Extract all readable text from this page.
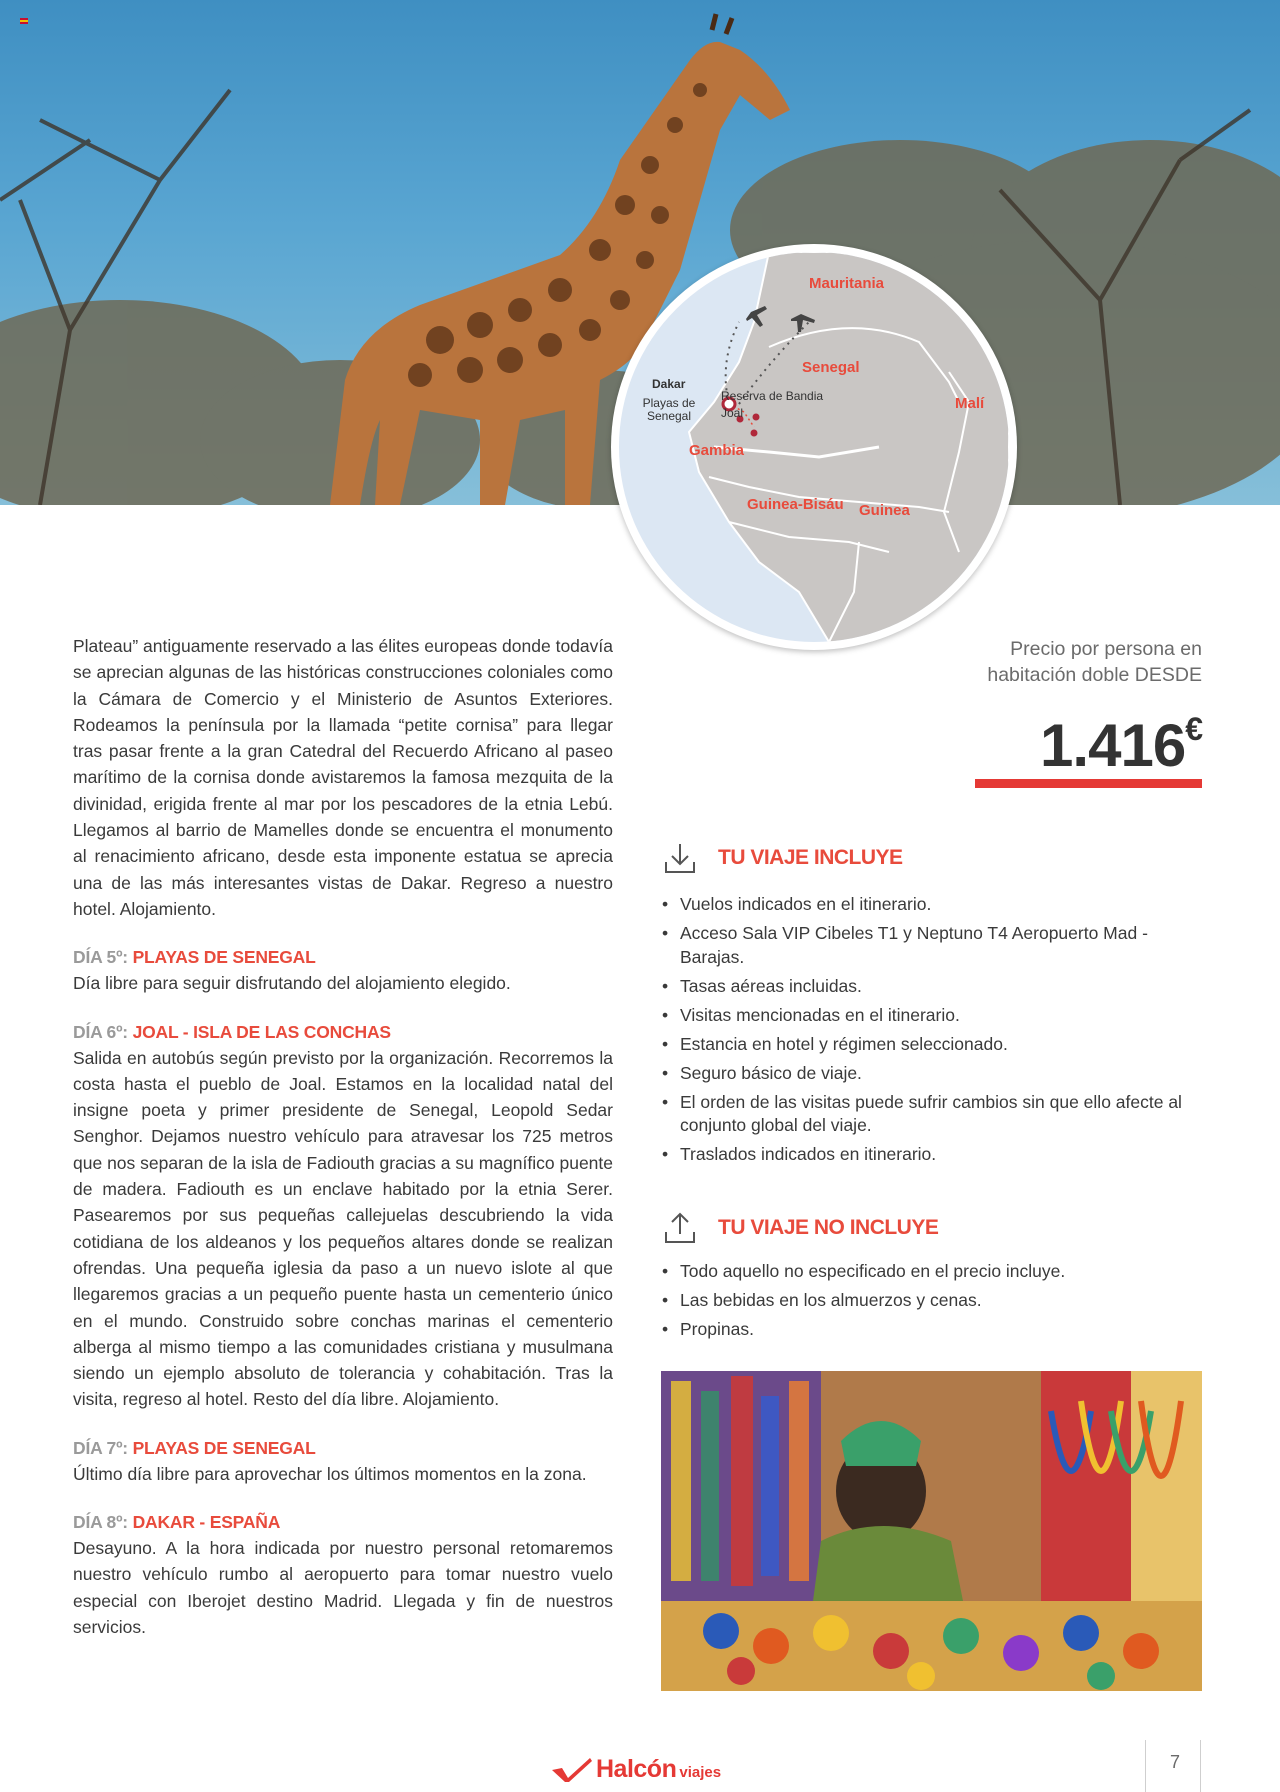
Mauritania
Senegal
Malí
Gambia
Guinea-Bisáu Guinea
Dakar
Playas de Senegal
Reserva de Bandia
Joal

Plateau” antiguamente reservado a las élites europeas donde todavía se aprecian algunas de las históricas construcciones coloniales como la Cámara de Comercio y el Ministerio de Asuntos Exteriores. Rodeamos la península por la llamada “petite cornisa” para llegar tras pasar frente a la gran Catedral del Recuerdo Africano al paseo marítimo de la cornisa donde avistaremos la famosa mezquita de la divinidad, erigida frente al mar por los pescadores de la etnia Lebú. Llegamos al barrio de Mamelles donde se encuentra el monumento al renacimiento africano, desde esta imponente estatua se aprecia una de las más interesantes vistas de Dakar. Regreso a nuestro hotel. Alojamiento.

DÍA 5º: PLAYAS DE SENEGAL

Día libre para seguir disfrutando del alojamiento elegido.

DÍA 6º: JOAL - ISLA DE LAS CONCHAS

Salida en autobús según previsto por la organización. Recorremos la costa hasta el pueblo de Joal. Estamos en la localidad natal del insigne poeta y primer presidente de Senegal, Leopold Sedar Senghor. Dejamos nuestro vehículo para atravesar los 725 metros que nos separan de la isla de Fadiouth gracias a su magnífico puente de madera. Fadiouth es un enclave habitado por la etnia Serer. Pasearemos por sus pequeñas callejuelas descubriendo la vida cotidiana de los aldeanos y los pequeños altares donde se realizan ofrendas. Una pequeña iglesia da paso a un nuevo islote al que llegaremos gracias a un pequeño puente hasta un cementerio único en el mundo. Construido sobre conchas marinas el cementerio alberga al mismo tiempo a las comunidades cristiana y musulmana siendo un ejemplo absoluto de tolerancia y cohabitación. Tras la visita, regreso al hotel. Resto del día libre. Alojamiento.

DÍA 7º: PLAYAS DE SENEGAL

Último día libre para aprovechar los últimos momentos en la zona.

DÍA 8º: DAKAR - ESPAÑA

Desayuno. A la hora indicada por nuestro personal retomaremos nuestro vehículo rumbo al aeropuerto para tomar nuestro vuelo especial con Iberojet destino Madrid. Llegada y fin de nuestros servicios.

Precio por persona en
habitación doble DESDE
1.416€
TU VIAJE INCLUYE
• Vuelos indicados en el itinerario.
• Acceso Sala VIP Cibeles T1 y Neptuno T4 Aeropuerto Mad - Barajas.
• Tasas aéreas incluidas.
• Visitas mencionadas en el itinerario.
• Estancia en hotel y régimen seleccionado.
• Seguro básico de viaje.
• El orden de las visitas puede sufrir cambios sin que ello afecte al conjunto global del viaje.
• Traslados indicados en itinerario.
TU VIAJE NO INCLUYE
• Todo aquello no especificado en el precio incluye.
• Las bebidas en los almuerzos y cenas.
• Propinas.
Halcón viajes
7
